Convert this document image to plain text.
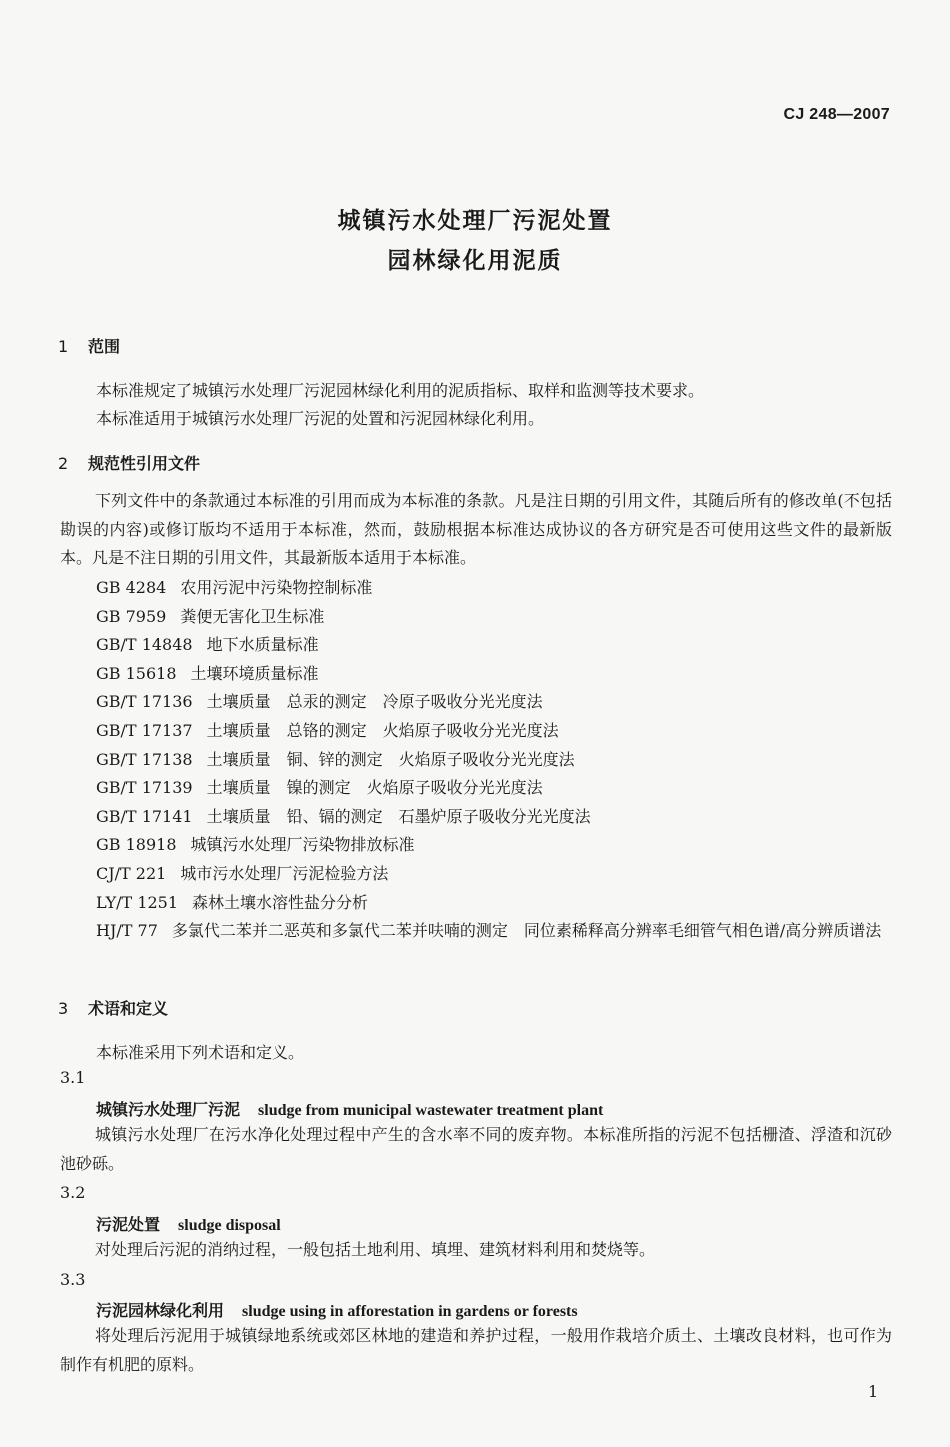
CJ 248—2007
城镇污水处理厂污泥处置
园林绿化用泥质
1 范围
本标准规定了城镇污水处理厂污泥园林绿化利用的泥质指标、取样和监测等技术要求。
本标准适用于城镇污水处理厂污泥的处置和污泥园林绿化利用。
2 规范性引用文件
下列文件中的条款通过本标准的引用而成为本标准的条款。凡是注日期的引用文件，其随后所有的修改单(不包括勘误的内容)或修订版均不适用于本标准，然而，鼓励根据本标准达成协议的各方研究是否可使用这些文件的最新版本。凡是不注日期的引用文件，其最新版本适用于本标准。
GB 4284 农用污泥中污染物控制标准
GB 7959 粪便无害化卫生标准
GB/T 14848 地下水质量标准
GB 15618 土壤环境质量标准
GB/T 17136 土壤质量　总汞的测定　冷原子吸收分光光度法
GB/T 17137 土壤质量　总铬的测定　火焰原子吸收分光光度法
GB/T 17138 土壤质量　铜、锌的测定　火焰原子吸收分光光度法
GB/T 17139 土壤质量　镍的测定　火焰原子吸收分光光度法
GB/T 17141 土壤质量　铅、镉的测定　石墨炉原子吸收分光光度法
GB 18918 城镇污水处理厂污染物排放标准
CJ/T 221 城市污水处理厂污泥检验方法
LY/T 1251 森林土壤水溶性盐分分析
HJ/T 77 多氯代二苯并二恶英和多氯代二苯并呋喃的测定　同位素稀释高分辨率毛细管气相色谱/高分辨质谱法
3 术语和定义
本标准采用下列术语和定义。
3.1
城镇污水处理厂污泥 sludge from municipal wastewater treatment plant
城镇污水处理厂在污水净化处理过程中产生的含水率不同的废弃物。本标准所指的污泥不包括栅渣、浮渣和沉砂池砂砾。
3.2
污泥处置 sludge disposal
对处理后污泥的消纳过程，一般包括土地利用、填埋、建筑材料利用和焚烧等。
3.3
污泥园林绿化利用 sludge using in afforestation in gardens or forests
将处理后污泥用于城镇绿地系统或郊区林地的建造和养护过程，一般用作栽培介质土、土壤改良材料，也可作为制作有机肥的原料。
1
